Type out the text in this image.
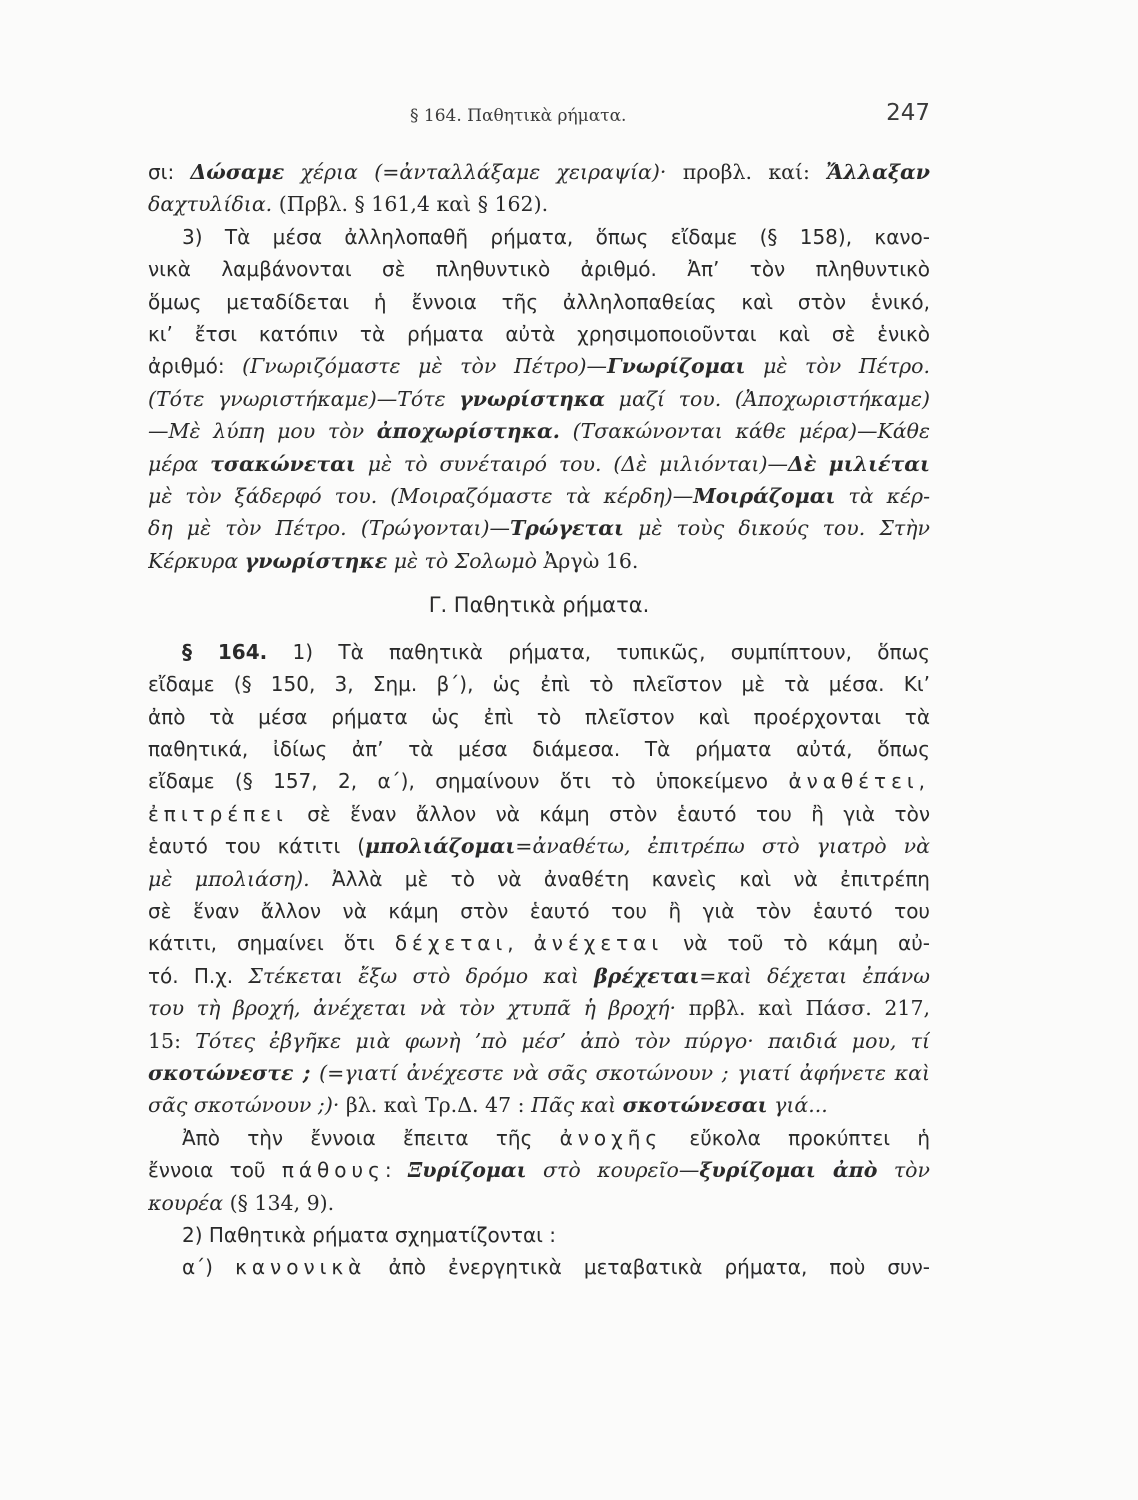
§ 164. Παθητικὰ ρήματα.	247
σι: Δώσαμε χέρια (=ἀνταλλάξαμε χειραψία)· προβλ. καί: Ἄλλαξαν
δαχτυλίδια. (Πρβλ. § 161,4 καὶ § 162).
3) Τὰ μέσα ἀλληλοπαθῆ ρήματα, ὅπως εἴδαμε (§ 158), κανο-
νικὰ λαμβάνονται σὲ πληθυντικὸ ἀριθμό. Ἀπ’ τὸν πληθυντικὸ
ὅμως μεταδίδεται ἡ ἔννοια τῆς ἀλληλοπαθείας καὶ στὸν ἑνικό,
κι’ ἔτσι κατόπιν τὰ ρήματα αὐτὰ χρησιμοποιοῦνται καὶ σὲ ἑνικὸ
ἀριθμό: (Γνωριζόμαστε μὲ τὸν Πέτρο)—Γνωρίζομαι μὲ τὸν Πέτρο.
(Τότε γνωριστήκαμε)—Τότε γνωρίστηκα μαζί του. (Ἀποχωριστήκαμε)
—Μὲ λύπη μου τὸν ἀποχωρίστηκα. (Τσακώνονται κάθε μέρα)—Κάθε
μέρα τσακώνεται μὲ τὸ συνέταιρό του. (Δὲ μιλιόνται)—Δὲ μιλιέται
μὲ τὸν ξάδερφό του. (Μοιραζόμαστε τὰ κέρδη)—Μοιράζομαι τὰ κέρ-
δη μὲ τὸν Πέτρο. (Τρώγονται)—Τρώγεται μὲ τοὺς δικούς του. Στὴν
Κέρκυρα γνωρίστηκε μὲ τὸ Σολωμὸ Ἀργὼ 16.
Γ. Παθητικὰ ρήματα.
§ 164. 1) Τὰ παθητικὰ ρήματα, τυπικῶς, συμπίπτουν, ὅπως
εἴδαμε (§ 150, 3, Σημ. β΄), ὡς ἐπὶ τὸ πλεῖστον μὲ τὰ μέσα. Κι’
ἀπὸ τὰ μέσα ρήματα ὡς ἐπὶ τὸ πλεῖστον καὶ προέρχονται τὰ
παθητικά, ἰδίως ἀπ’ τὰ μέσα διάμεσα. Τὰ ρήματα αὐτά, ὅπως
εἴδαμε (§ 157, 2, α΄), σημαίνουν ὅτι τὸ ὑποκείμενο ἀναθέτει,
ἐπιτρέπει σὲ ἕναν ἄλλον νὰ κάμη στὸν ἑαυτό του ἢ γιὰ τὸν
ἑαυτό του κάτιτι (μπολιάζομαι=ἀναθέτω, ἐπιτρέπω στὸ γιατρὸ νὰ
μὲ μπολιάση). Ἀλλὰ μὲ τὸ νὰ ἀναθέτη κανεὶς καὶ νὰ ἐπιτρέπη
σὲ ἕναν ἄλλον νὰ κάμη στὸν ἑαυτό του ἢ γιὰ τὸν ἑαυτό του
κάτιτι, σημαίνει ὅτι δέχεται, ἀνέχεται νὰ τοῦ τὸ κάμη αὐ-
τό. Π.χ. Στέκεται ἔξω στὸ δρόμο καὶ βρέχεται=καὶ δέχεται ἐπάνω
του τὴ βροχή, ἀνέχεται νὰ τὸν χτυπᾶ ἡ βροχή· πρβλ. καὶ Πάσσ. 217,
15: Τότες ἐβγῆκε μιὰ φωνὴ ’πὸ μέσ’ ἀπὸ τὸν πύργο· παιδιά μου, τί
σκοτώνεστε ; (=γιατί ἀνέχεστε νὰ σᾶς σκοτώνουν ; γιατί ἀφήνετε καὶ
σᾶς σκοτώνουν ;)· βλ. καὶ Τρ.Δ. 47 : Πᾶς καὶ σκοτώνεσαι γιά...
Ἀπὸ τὴν ἔννοια ἔπειτα τῆς ἀνοχῆς εὔκολα προκύπτει ἡ
ἔννοια τοῦ πάθους: Ξυρίζομαι στὸ κουρεῖο—ξυρίζομαι ἀπὸ τὸν
κουρέα (§ 134, 9).
2) Παθητικὰ ρήματα σχηματίζονται :
α΄) κανονικὰ ἀπὸ ἐνεργητικὰ μεταβατικὰ ρήματα, ποὺ συν-
